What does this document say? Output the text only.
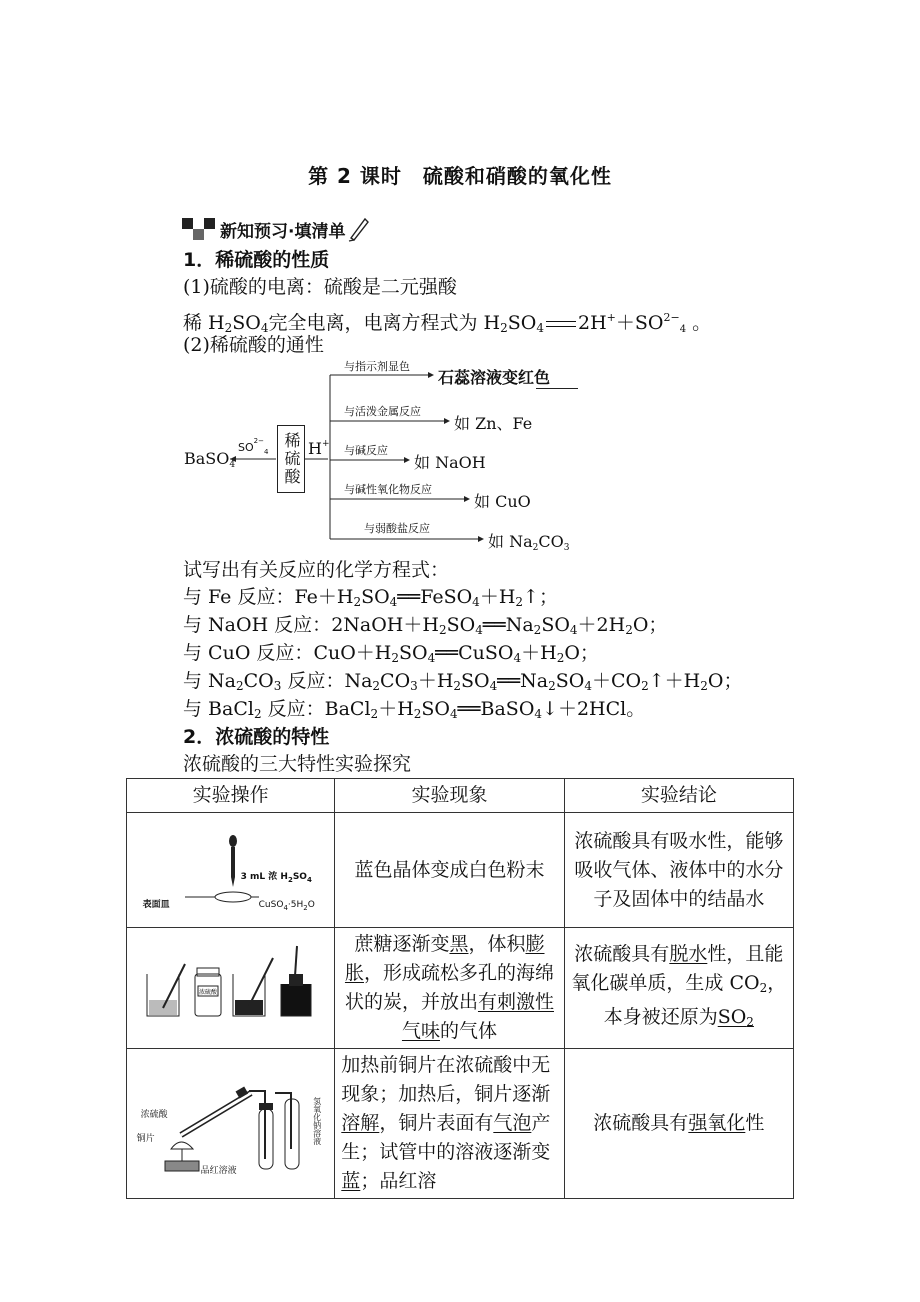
第 2 课时　硫酸和硝酸的氧化性
新知预习·填清单
1．稀硫酸的性质
(1)硫酸的电离：硫酸是二元强酸
稀 $H_2SO_4$完全电离，电离方程式为 $H_2SO_4$ $2H^++SO^{2-}_4$ 。
(2)稀硫酸的通性
BaSO$_4$
$SO^{2-}_4$ 稀硫酸 H+
与指示剂显色
石蕊溶液变红色
与活泼金属反应
如 Zn、Fe
与碱反应
如 NaOH
与碱性氧化物反应
如 CuO
与弱酸盐反应
如 $Na_2CO_3$
试写出有关反应的化学方程式：
与 Fe 反应：$Fe+H_2SO_4══FeSO_4+H_2↑$；
与 NaOH 反应：$2NaOH+H_2SO_4══Na_2SO_4+2H_2O$；
与 CuO 反应：$CuO+H_2SO_4══CuSO_4+H_2O$；
与 $Na_2CO_3$ 反应：$Na_2CO_3+H_2SO_4══Na_2SO_4+CO_2↑+H_2O$；
与 BaCl$_2$ 反应：$BaCl_2+H_2SO_4══BaSO_4↓+2HCl$。
2．浓硫酸的特性
浓硫酸的三大特性实验探究
实验操作	实验现象	实验结论

3 mL 浓 $H_2SO_4$
表面皿 $CuSO_4\cdot 5H_2O$	蓝色晶体变成白色粉末	浓硫酸具有吸水性，能够吸收气体、液体中的水分子及固体中的结晶水

浓硫酸	蔗糖逐渐变黑，体积膨胀，形成疏松多孔的海绵状的炭，并放出有刺激性气味的气体	浓硫酸具有脱水性，且能氧化碳单质，生成 $CO_2$，本身被还原为$SO_2$

浓硫酸
铜片
品红溶液
氢氧化钠溶液	加热前铜片在浓硫酸中无现象；加热后，铜片逐渐溶解，铜片表面有气泡产生；试管中的溶液逐渐变蓝；品红溶	浓硫酸具有强氧化性
